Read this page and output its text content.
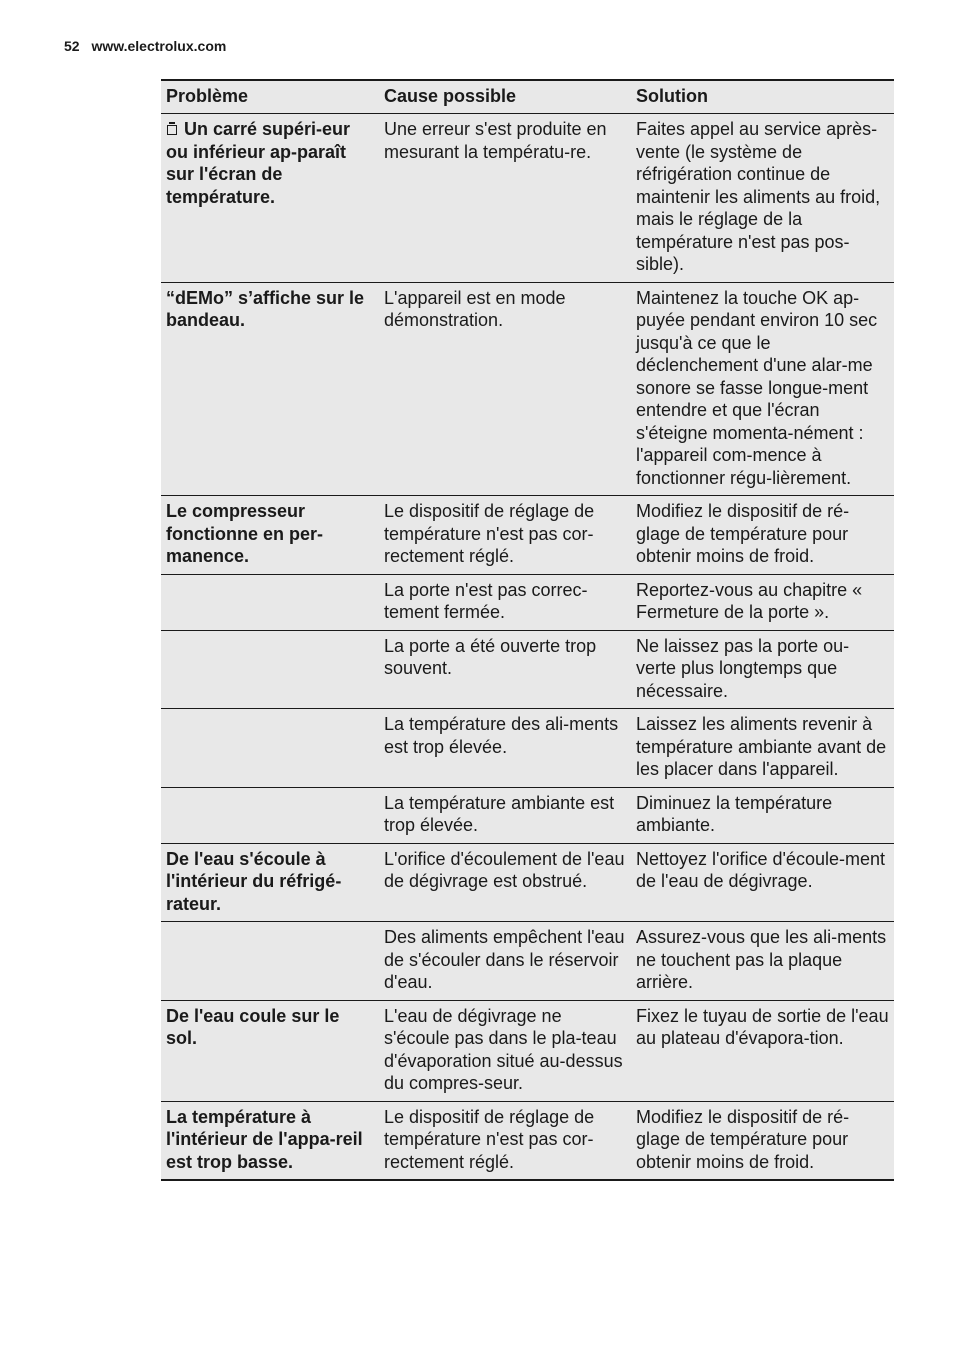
52 www.electrolux.com
Problème	Cause possible	Solution
Un carré supéri-eur ou inférieur ap-paraît sur l'écran de température.	Une erreur s'est produite en mesurant la températu-re.	Faites appel au service après-vente (le système de réfrigération continue de maintenir les aliments au froid, mais le réglage de la température n'est pas pos-sible).
“dEMo” s’affiche sur le bandeau.	L'appareil est en mode démonstration.	Maintenez la touche OK ap-puyée pendant environ 10 sec jusqu'à ce que le déclenchement d'une alar-me sonore se fasse longue-ment entendre et que l'écran s'éteigne momenta-nément : l'appareil com-mence à fonctionner régu-lièrement.
Le compresseur fonctionne en per-manence.	Le dispositif de réglage de température n'est pas cor-rectement réglé.	Modifiez le dispositif de ré-glage de température pour obtenir moins de froid.
	La porte n'est pas correc-tement fermée.	Reportez-vous au chapitre « Fermeture de la porte ».
	La porte a été ouverte trop souvent.	Ne laissez pas la porte ou-verte plus longtemps que nécessaire.
	La température des ali-ments est trop élevée.	Laissez les aliments revenir à température ambiante avant de les placer dans l'appareil.
	La température ambiante est trop élevée.	Diminuez la température ambiante.
De l'eau s'écoule à l'intérieur du réfrigé-rateur.	L'orifice d'écoulement de l'eau de dégivrage est obstrué.	Nettoyez l'orifice d'écoule-ment de l'eau de dégivrage.
	Des aliments empêchent l'eau de s'écouler dans le réservoir d'eau.	Assurez-vous que les ali-ments ne touchent pas la plaque arrière.
De l'eau coule sur le sol.	L'eau de dégivrage ne s'écoule pas dans le pla-teau d'évaporation situé au-dessus du compres-seur.	Fixez le tuyau de sortie de l'eau au plateau d'évapora-tion.
La température à l'intérieur de l'appa-reil est trop basse.	Le dispositif de réglage de température n'est pas cor-rectement réglé.	Modifiez le dispositif de ré-glage de température pour obtenir moins de froid.
